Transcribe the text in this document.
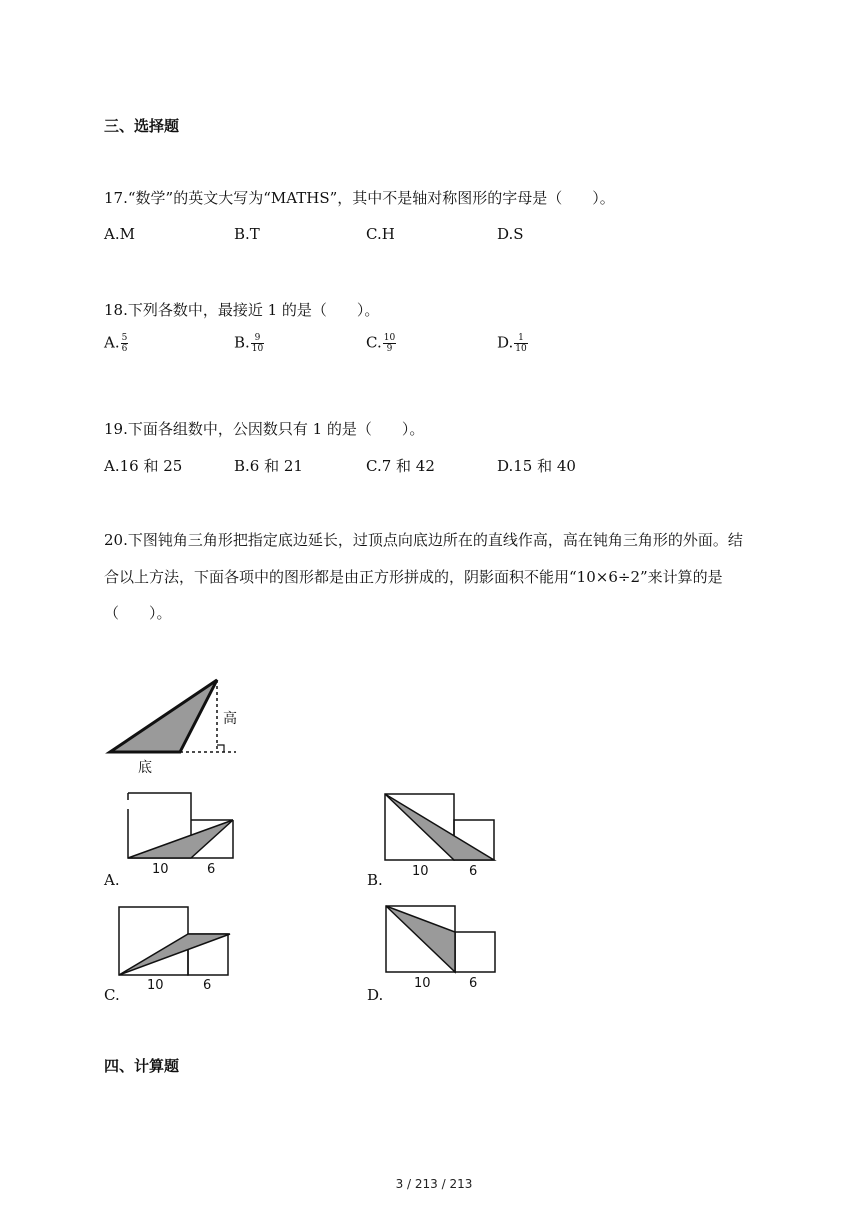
三、选择题
17.“数学”的英文大写为“MATHS”，其中不是轴对称图形的字母是（　　）。
A.M	B.T	C.H	D.S
18.下列各数中，最接近 1 的是（　　）。
A. $\frac{5}{6}$	B. $\frac{9}{10}$	C. $\frac{10}{9}$	D. $\frac{1}{10}$
19.下面各组数中，公因数只有 1 的是（　　）。
A.16 和 25	B.6 和 21	C.7 和 42	D.15 和 40
20.下图钝角三角形把指定底边延长，过顶点向底边所在的直线作高，高在钝角三角形的外面。结
合以上方法，下面各项中的图形都是由正方形拼成的，阴影面积不能用“10×6÷2”来计算的是
（　　）。
高
底
A.
10	6
B. 10	6
C.
10	6
D.
10	6
四、计算题
3 / 213 / 213
